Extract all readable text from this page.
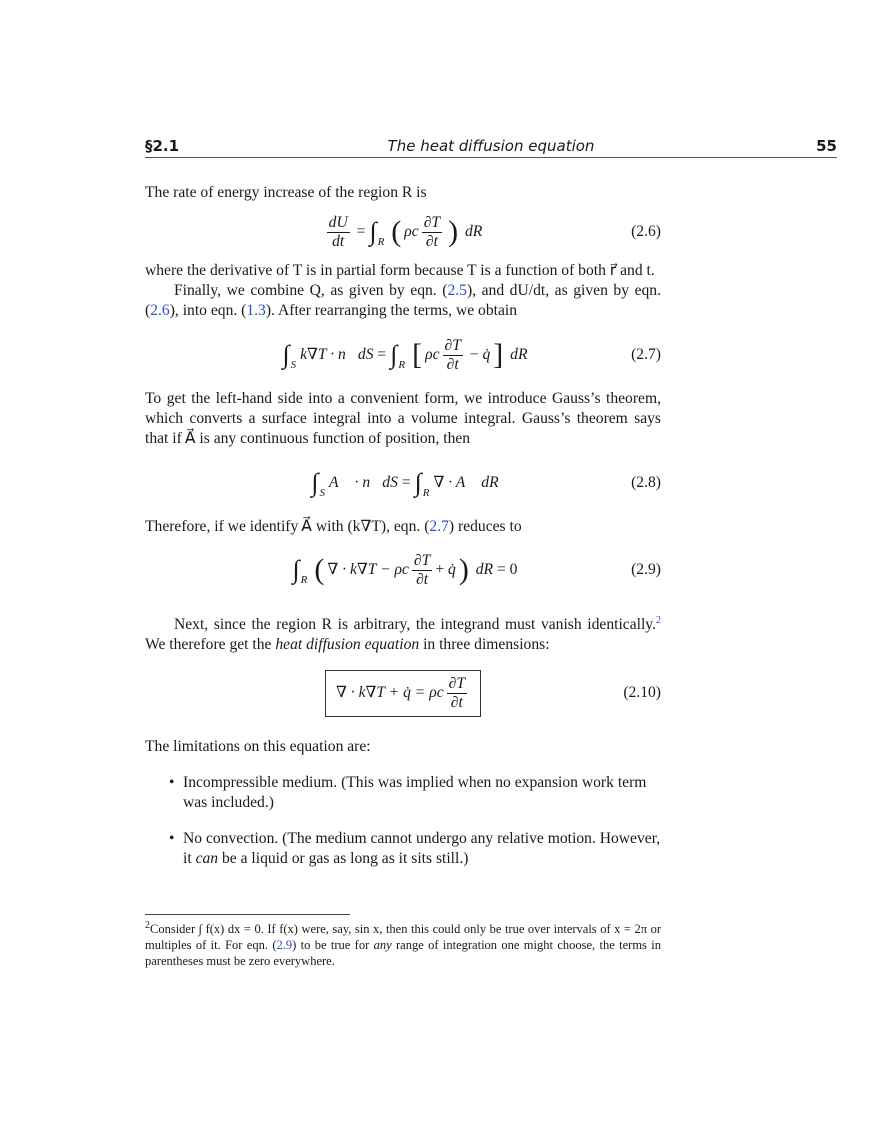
§2.1	The heat diffusion equation	55

The rate of energy increase of the region R is

$\frac{dU}{dt}$ = ∫ R ( ρc $\frac{\partial T}{\partial t}$ ) dR	(2.6)

where the derivative of T is in partial form because T is a function of both r⃗ and t.

Finally, we combine Q, as given by eqn. (2.5), and dU/dt, as given by eqn. (2.6), into eqn. (1.3). After rearranging the terms, we obtain

∫ S
k∇T · n⃗dS = ∫ R [ ρc $\frac{\partial T}{\partial t}$ − q̇ ] dR	(2.7)

To get the left-hand side into a convenient form, we introduce Gauss’s theorem, which converts a surface integral into a volume integral. Gauss’s theorem says that if A⃗ is any continuous function of position, then

∫ S
A⃗ · n⃗dS = ∫ R
∇ · A⃗ dR	(2.8)

Therefore, if we identify A⃗ with (k∇T), eqn. (2.7) reduces to

∫ R ( ∇ · k∇T − ρc $\frac{\partial T}{\partial t}$ + q̇ ) dR = 0	(2.9)

Next, since the region R is arbitrary, the integrand must vanish identically.$^2$ We therefore get the heat diffusion equation in three dimensions:

∇ · k∇T + q̇ = ρc $\frac{\partial T}{\partial t}$	(2.10)

The limitations on this equation are:

• Incompressible medium. (This was implied when no expansion work term was included.)
• No convection. (The medium cannot undergo any relative motion. However, it can be a liquid or gas as long as it sits still.)
$^2$Consider ∫ f(x) dx = 0. If f(x) were, say, sin x, then this could only be true over intervals of x = 2π or multiples of it. For eqn. (2.9) to be true for any range of integration one might choose, the terms in parentheses must be zero everywhere.
